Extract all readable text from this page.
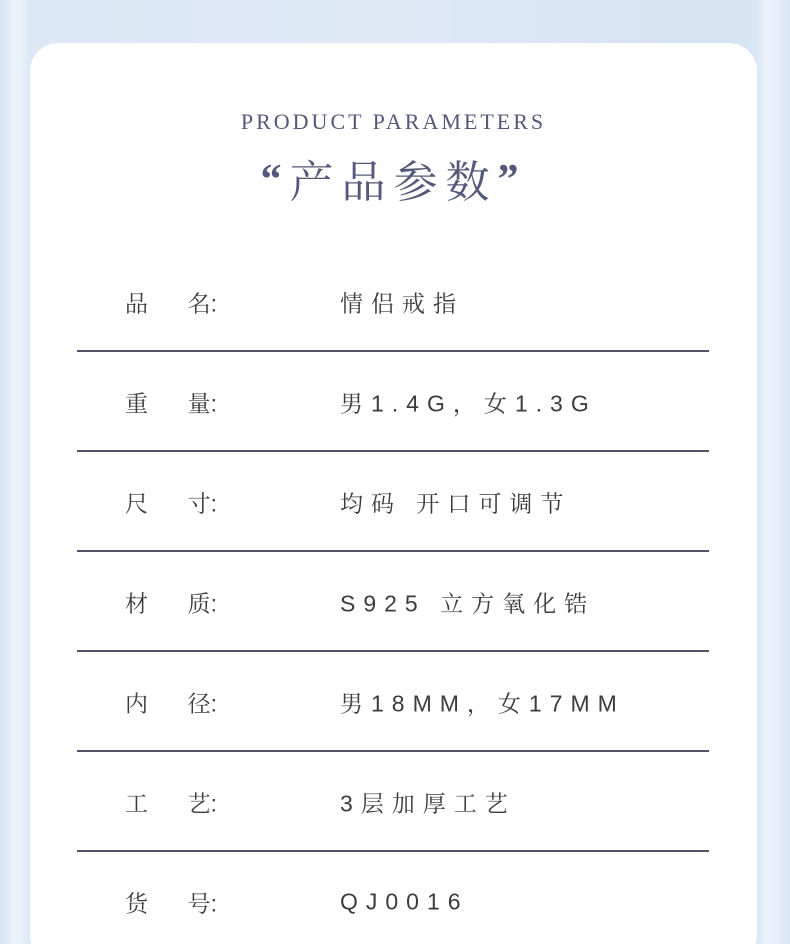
PRODUCT PARAMETERS
“产品参数”
品 名:	情侣戒指
重 量:	男1.4G，女1.3G
尺 寸:	均码 开口可调节
材 质:	S925 立方氧化锆
内 径:	男18MM，女17MM
工 艺:	3层加厚工艺
货 号:	QJ0016
